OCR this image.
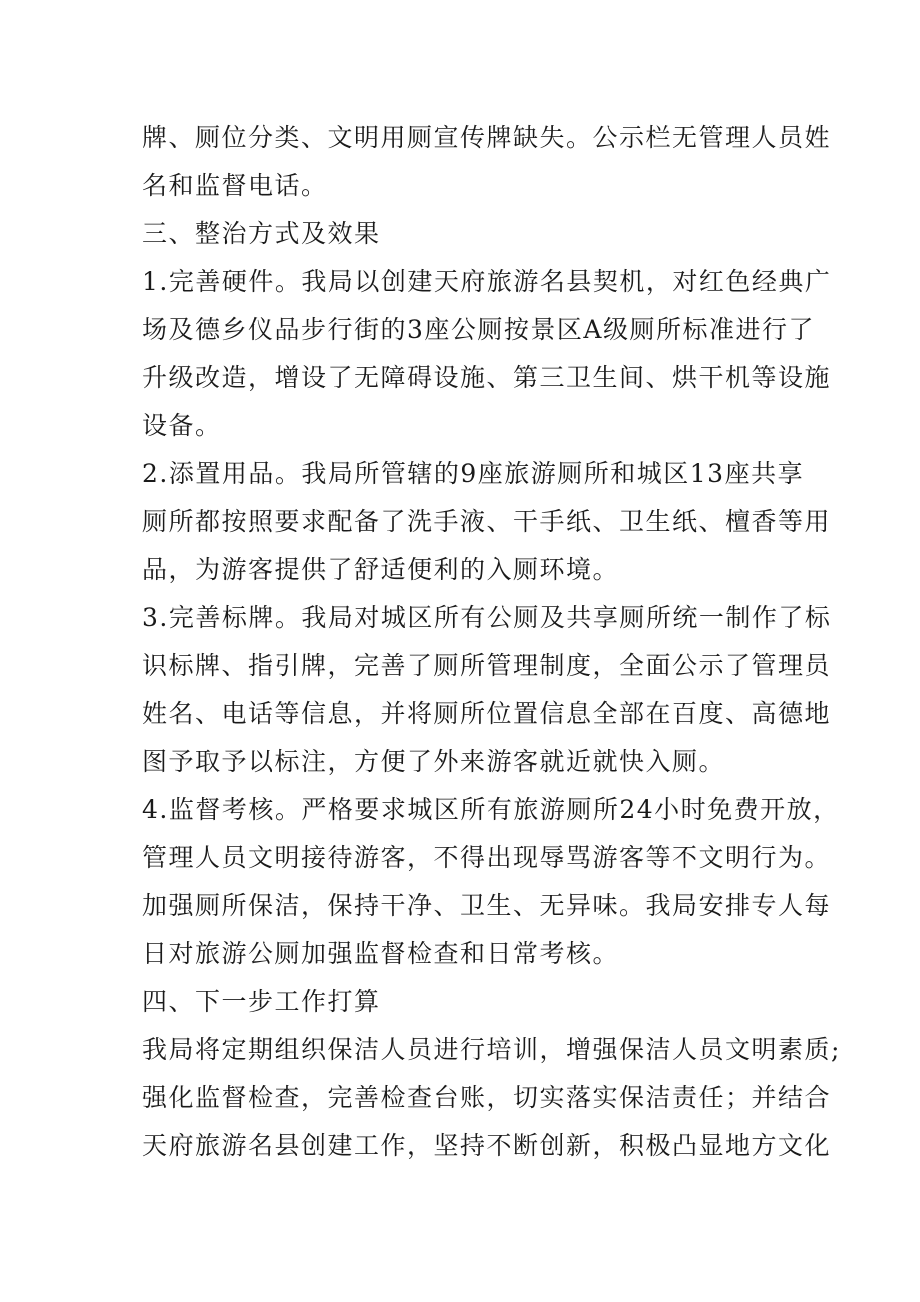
牌、厕位分类、文明用厕宣传牌缺失。公示栏无管理人员姓
名和监督电话。
三、整治方式及效果
1.完善硬件。我局以创建天府旅游名县契机，对红色经典广
场及德乡仪品步行街的3座公厕按景区A级厕所标准进行了
升级改造，增设了无障碍设施、第三卫生间、烘干机等设施
设备。
2.添置用品。我局所管辖的9座旅游厕所和城区13座共享
厕所都按照要求配备了洗手液、干手纸、卫生纸、檀香等用
品，为游客提供了舒适便利的入厕环境。
3.完善标牌。我局对城区所有公厕及共享厕所统一制作了标
识标牌、指引牌，完善了厕所管理制度，全面公示了管理员
姓名、电话等信息，并将厕所位置信息全部在百度、高德地
图予取予以标注，方便了外来游客就近就快入厕。
4.监督考核。严格要求城区所有旅游厕所24小时免费开放，
管理人员文明接待游客，不得出现辱骂游客等不文明行为。
加强厕所保洁，保持干净、卫生、无异味。我局安排专人每
日对旅游公厕加强监督检查和日常考核。
四、下一步工作打算
我局将定期组织保洁人员进行培训，增强保洁人员文明素质;
强化监督检查，完善检查台账，切实落实保洁责任；并结合
天府旅游名县创建工作，坚持不断创新，积极凸显地方文化
